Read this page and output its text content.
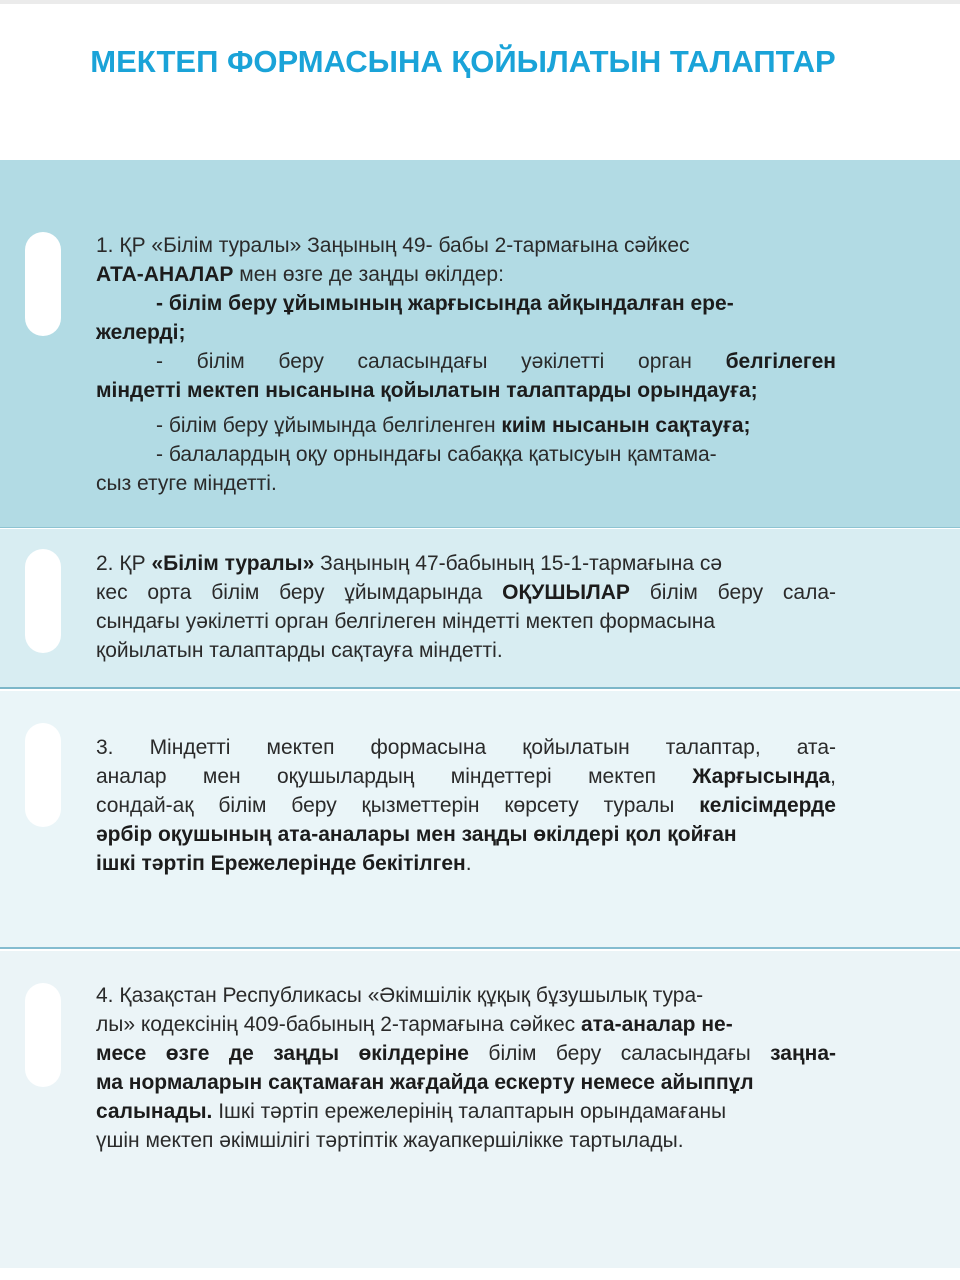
МЕКТЕП ФОРМАСЫНА ҚОЙЫЛАТЫН ТАЛАПТАР
1. ҚР «Білім туралы» Заңының 49- бабы 2-тармағына сәйкес
АТА-АНАЛАР мен өзге де заңды өкілдер:
- білім беру ұйымының жарғысында айқындалған ере-
желерді;
- білім беру саласындағы уәкілетті орган белгілеген
міндетті мектеп нысанына қойылатын талаптарды орындауға;
- білім беру ұйымында белгіленген киім нысанын сақтауға;
- балалардың оқу орнындағы сабаққа қатысуын қамтама-
сыз етуге міндетті.
2. ҚР «Білім туралы» Заңының 47-бабының 15-1-тармағына сә
кес орта білім беру ұйымдарында ОҚУШЫЛАР білім беру сала-
сындағы уәкілетті орган белгілеген міндетті мектеп формасына
қойылатын талаптарды сақтауға міндетті.
3. Міндетті мектеп формасына қойылатын талаптар, ата-
аналар мен оқушылардың міндеттері мектеп Жарғысында,
сондай-ақ білім беру қызметтерін көрсету туралы келісімдерде
әрбір оқушының ата-аналары мен заңды өкілдері қол қойған
ішкі тәртіп Ережелерінде бекітілген.
4. Қазақстан Республикасы «Әкімшілік құқық бұзушылық тура-
лы» кодексінің 409-бабының 2-тармағына сәйкес ата-аналар не-
месе өзге де заңды өкілдеріне білім беру саласындағы заңна-
ма нормаларын сақтамаған жағдайда ескерту немесе айыппұл
салынады. Ішкі тәртіп ережелерінің талаптарын орындамағаны
үшін мектеп әкімшілігі тәртіптік жауапкершілікке тартылады.
